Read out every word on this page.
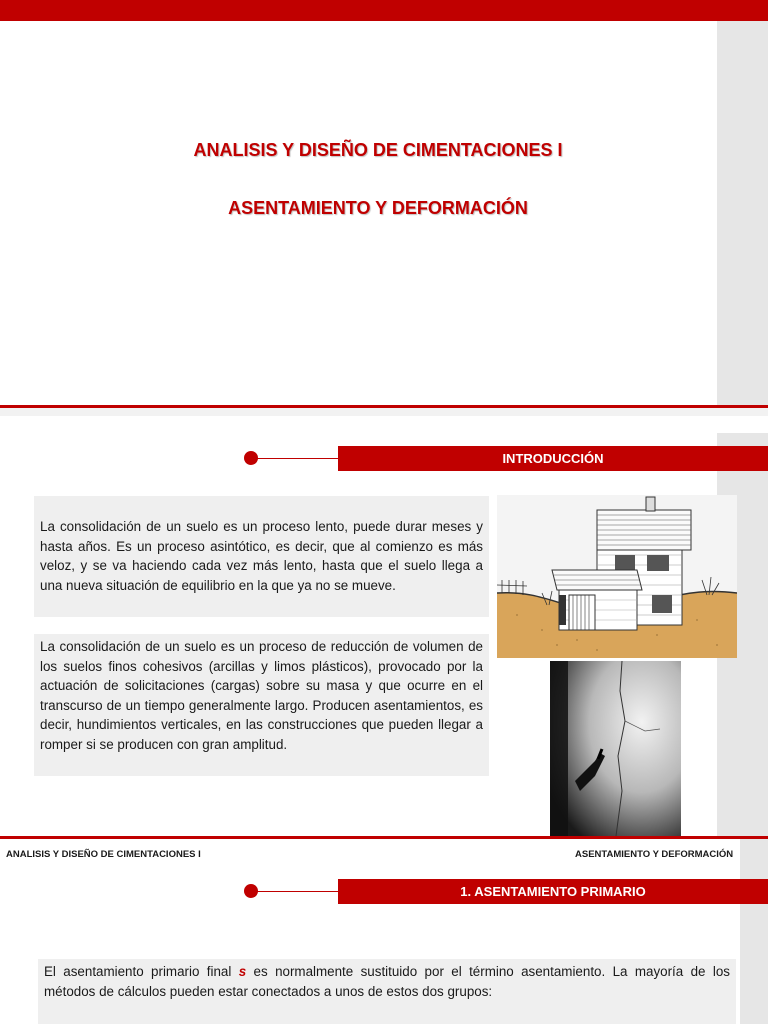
ANALISIS Y DISEÑO DE CIMENTACIONES I
ASENTAMIENTO Y DEFORMACIÓN
INTRODUCCIÓN
La consolidación de un suelo es un proceso lento, puede durar meses y hasta años. Es un proceso asintótico, es decir, que al comienzo es más veloz, y se va haciendo cada vez más lento, hasta que el suelo llega a una nueva situación de equilibrio en la que ya no se mueve.
La consolidación de un suelo es un proceso de reducción de volumen de los suelos finos cohesivos (arcillas y limos plásticos), provocado por la actuación de solicitaciones (cargas) sobre su masa y que ocurre en el transcurso de un tiempo generalmente largo. Producen asentamientos, es decir, hundimientos verticales, en las construcciones que pueden llegar a romper si se producen con gran amplitud.
ANALISIS Y DISEÑO DE CIMENTACIONES I	ASENTAMIENTO Y DEFORMACIÓN
1. ASENTAMIENTO PRIMARIO
El asentamiento primario final s es normalmente sustituido por el término asentamiento. La mayoría de los métodos de cálculos pueden estar conectados a unos de estos dos grupos:
